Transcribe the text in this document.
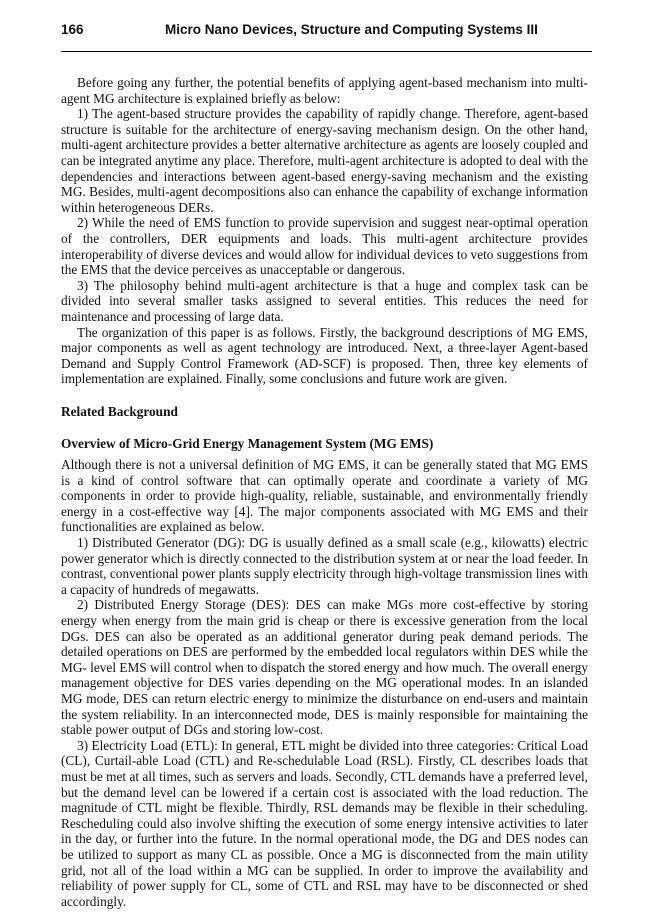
166	Micro Nano Devices, Structure and Computing Systems III

Before going any further, the potential benefits of applying agent-based mechanism into multi-agent MG architecture is explained briefly as below:

1) The agent-based structure provides the capability of rapidly change. Therefore, agent-based structure is suitable for the architecture of energy-saving mechanism design. On the other hand, multi-agent architecture provides a better alternative architecture as agents are loosely coupled and can be integrated anytime any place. Therefore, multi-agent architecture is adopted to deal with the dependencies and interactions between agent-based energy-saving mechanism and the existing MG. Besides, multi-agent decompositions also can enhance the capability of exchange information within heterogeneous DERs.

2) While the need of EMS function to provide supervision and suggest near-optimal operation of the controllers, DER equipments and loads. This multi-agent architecture provides interoperability of diverse devices and would allow for individual devices to veto suggestions from the EMS that the device perceives as unacceptable or dangerous.

3) The philosophy behind multi-agent architecture is that a huge and complex task can be divided into several smaller tasks assigned to several entities. This reduces the need for maintenance and processing of large data.

The organization of this paper is as follows. Firstly, the background descriptions of MG EMS, major components as well as agent technology are introduced. Next, a three-layer Agent-based Demand and Supply Control Framework (AD-SCF) is proposed. Then, three key elements of implementation are explained. Finally, some conclusions and future work are given.

Related Background
Overview of Micro-Grid Energy Management System (MG EMS)

Although there is not a universal definition of MG EMS, it can be generally stated that MG EMS is a kind of control software that can optimally operate and coordinate a variety of MG components in order to provide high-quality, reliable, sustainable, and environmentally friendly energy in a cost-effective way [4]. The major components associated with MG EMS and their functionalities are explained as below.

1) Distributed Generator (DG): DG is usually defined as a small scale (e.g., kilowatts) electric power generator which is directly connected to the distribution system at or near the load feeder. In contrast, conventional power plants supply electricity through high-voltage transmission lines with a capacity of hundreds of megawatts.

2) Distributed Energy Storage (DES): DES can make MGs more cost-effective by storing energy when energy from the main grid is cheap or there is excessive generation from the local DGs. DES can also be operated as an additional generator during peak demand periods. The detailed operations on DES are performed by the embedded local regulators within DES while the MG- level EMS will control when to dispatch the stored energy and how much. The overall energy management objective for DES varies depending on the MG operational modes. In an islanded MG mode, DES can return electric energy to minimize the disturbance on end-users and maintain the system reliability. In an interconnected mode, DES is mainly responsible for maintaining the stable power output of DGs and storing low-cost.

3) Electricity Load (ETL): In general, ETL might be divided into three categories: Critical Load (CL), Curtail-able Load (CTL) and Re-schedulable Load (RSL). Firstly, CL describes loads that must be met at all times, such as servers and loads. Secondly, CTL demands have a preferred level, but the demand level can be lowered if a certain cost is associated with the load reduction. The magnitude of CTL might be flexible. Thirdly, RSL demands may be flexible in their scheduling. Rescheduling could also involve shifting the execution of some energy intensive activities to later in the day, or further into the future. In the normal operational mode, the DG and DES nodes can be utilized to support as many CL as possible. Once a MG is disconnected from the main utility grid, not all of the load within a MG can be supplied. In order to improve the availability and reliability of power supply for CL, some of CTL and RSL may have to be disconnected or shed accordingly.
